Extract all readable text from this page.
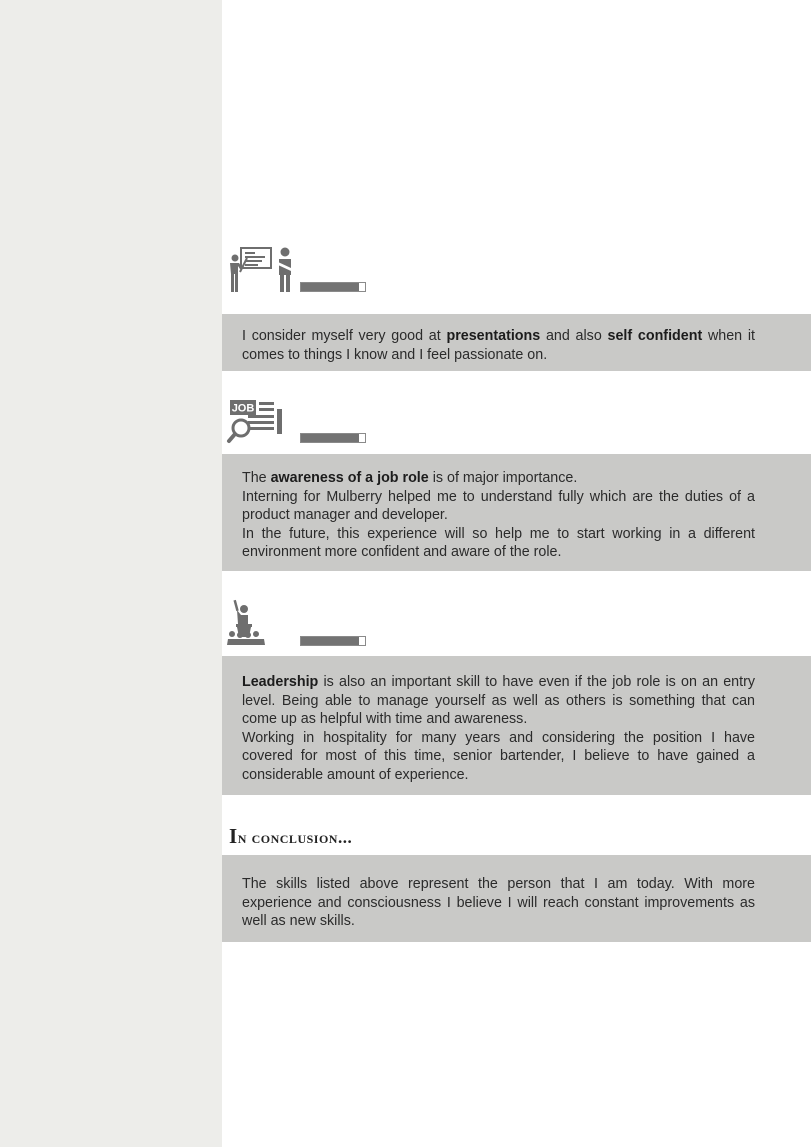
I consider myself very good at presentations and also self confident when it comes to things I know and I feel passionate on.

JOB

The awareness of a job role is of major importance.

Interning for Mulberry helped me to understand fully which are the duties of a product manager and developer.

In the future, this experience will so help me to start working in a different environment more confident and aware of the role.

Leadership is also an important skill to have even if the job role is on an entry level. Being able to manage yourself as well as others is something that can come up as helpful with time and awareness.

Working in hospitality for many years and considering the position I have covered for most of this time, senior bartender, I believe to have gained a considerable amount of experience.

In conclusion...

The skills listed above represent the person that I am today. With more experience and consciousness I believe I will reach constant improvements as well as new skills.
